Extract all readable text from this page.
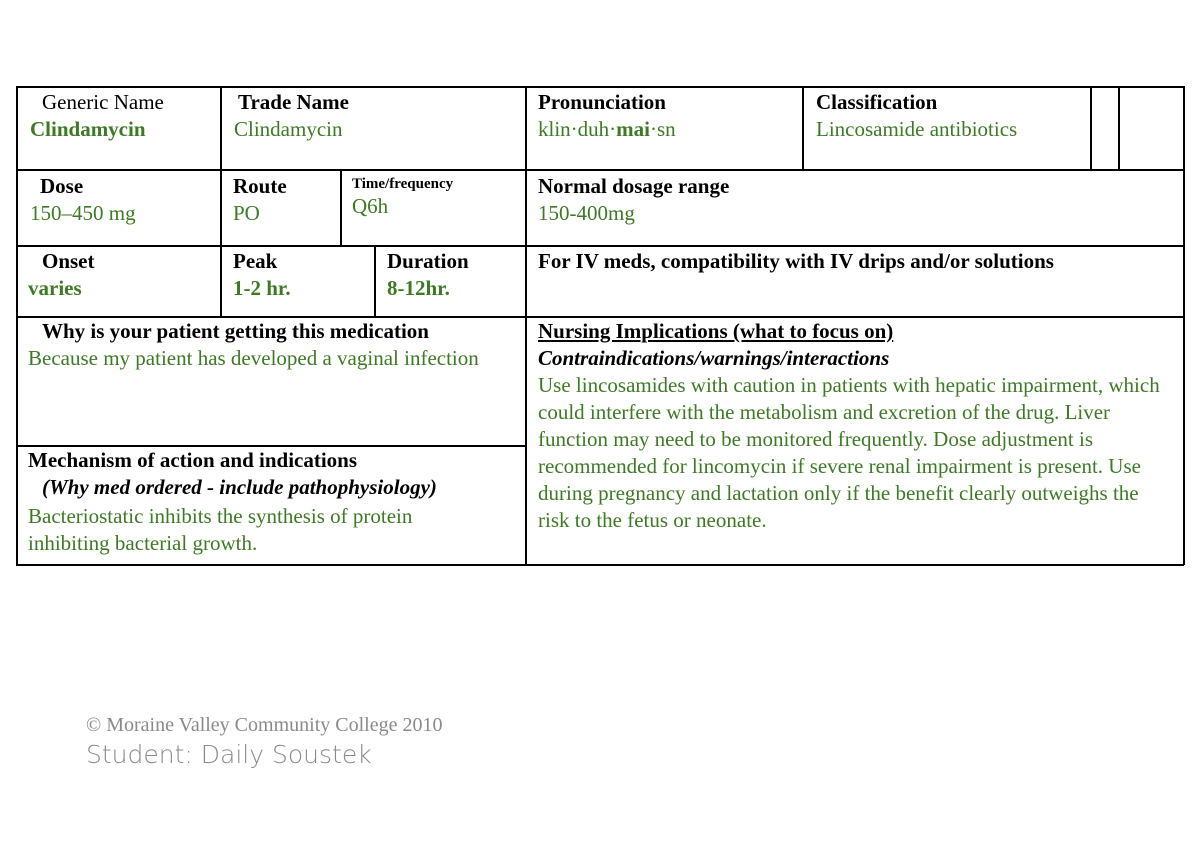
Generic Name
Clindamycin
Trade Name
Clindamycin
Pronunciation
klin·duh·mai·sn
Classification
Lincosamide antibiotics
Dose
150–450 mg
Route
PO
Time/frequency
Q6h
Normal dosage range
150-400mg
Onset
varies
Peak
1-2 hr.
Duration
8-12hr.
For IV meds, compatibility with IV drips and/or solutions
Why is your patient getting this medication
Because my patient has developed a vaginal infection
Mechanism of action and indications
(Why med ordered - include pathophysiology)
Bacteriostatic inhibits the synthesis of protein inhibiting bacterial growth.
Nursing Implications (what to focus on)
Contraindications/warnings/interactions
Use lincosamides with caution in patients with hepatic impairment, which could interfere with the metabolism and excretion of the drug. Liver function may need to be monitored frequently. Dose adjustment is recommended for lincomycin if severe renal impairment is present. Use during pregnancy and lactation only if the benefit clearly outweighs the risk to the fetus or neonate.
© Moraine Valley Community College 2010
Student: Daily Soustek
